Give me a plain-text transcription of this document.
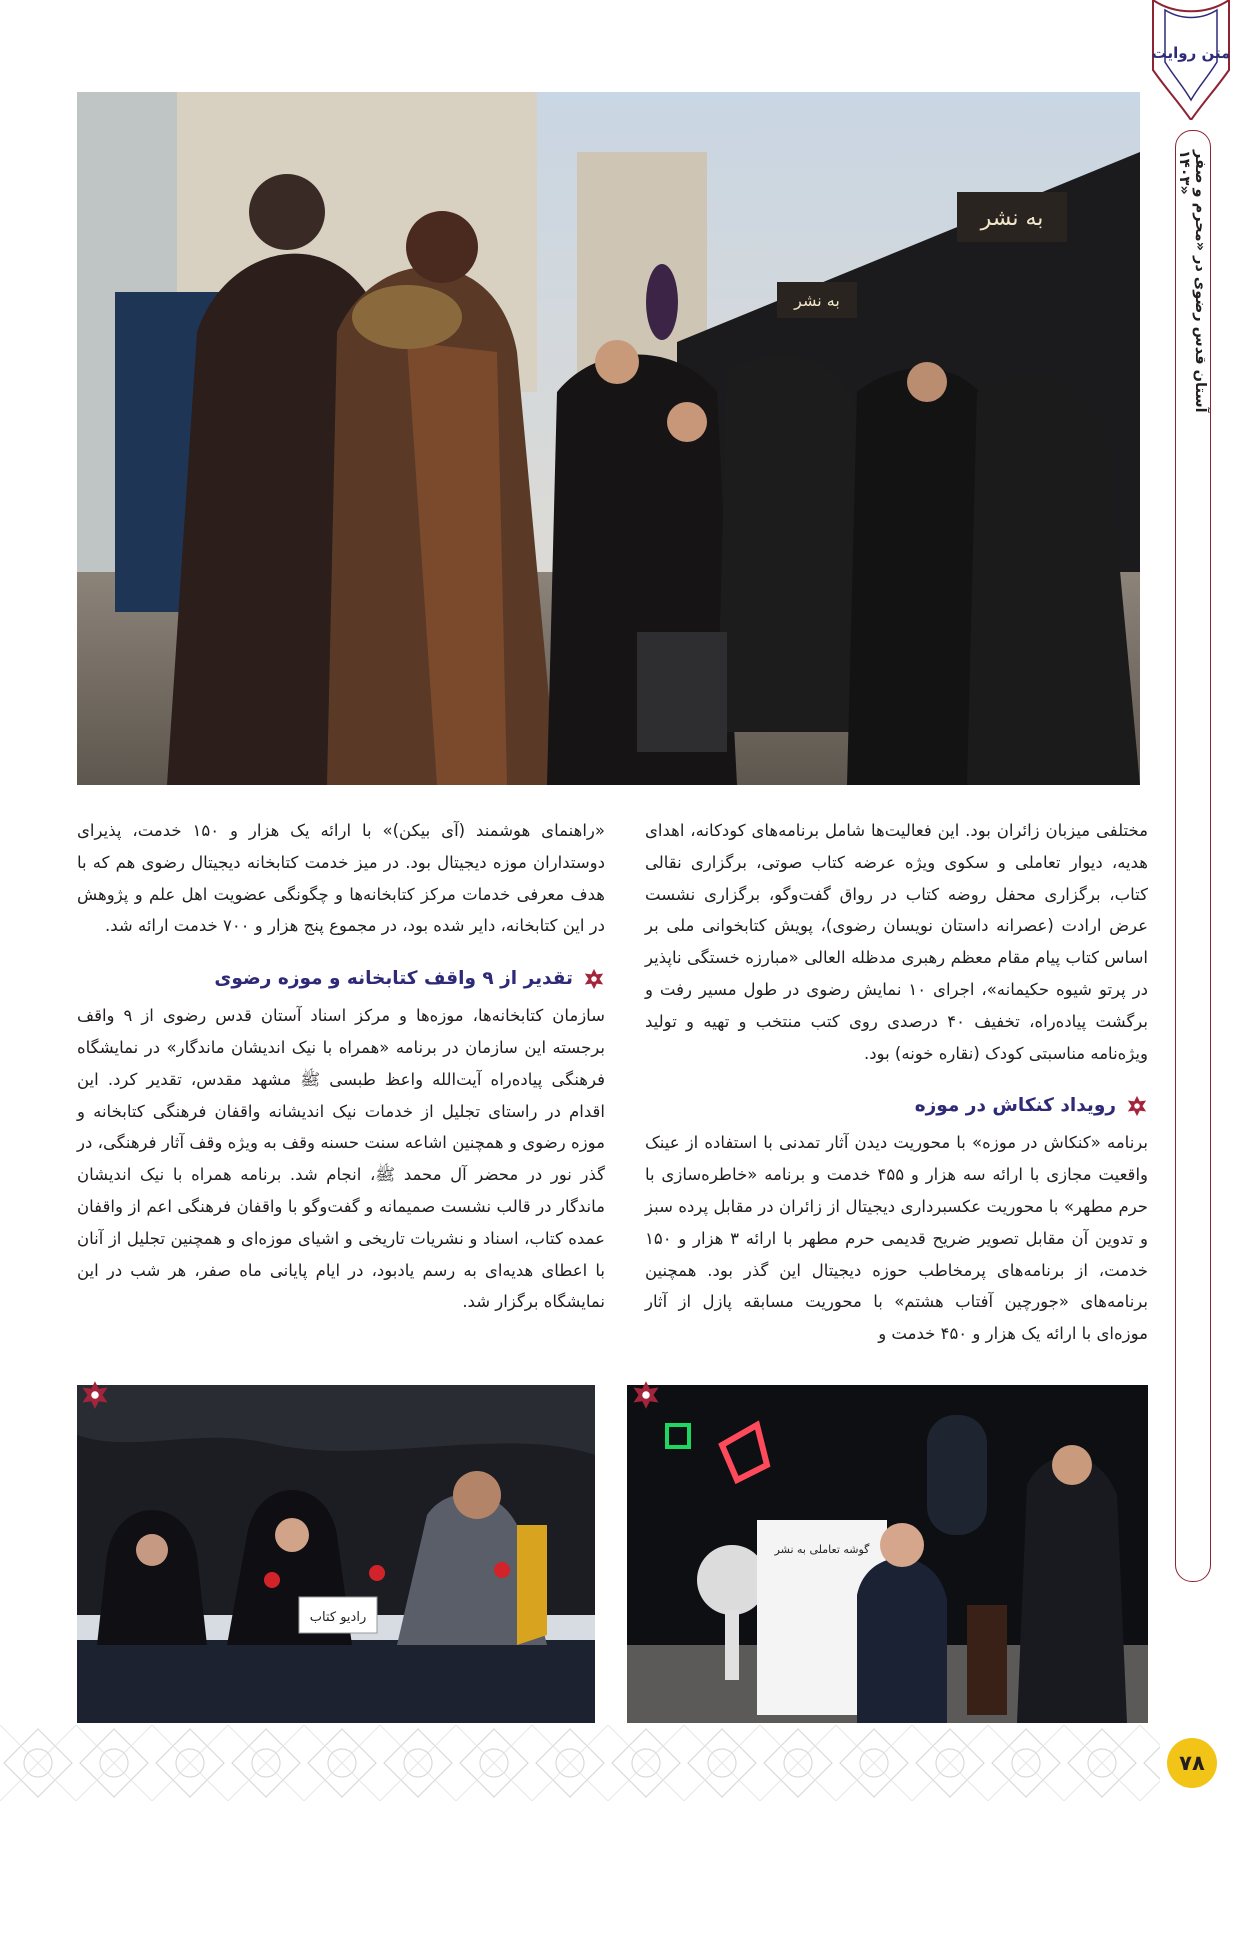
به نشر
به نشر

مختلفی میزبان زائران بود. این فعالیت‌ها شامل برنامه‌های کودکانه، اهدای هدیه، دیوار تعاملی و سکوی ویژه عرضه کتاب صوتی، برگزاری نقالی کتاب، برگزاری محفل روضه کتاب در رواق گفت‌وگو، برگزاری نشست عرض ارادت (عصرانه داستان نویسان رضوی)، پویش کتابخوانی ملی بر اساس کتاب پیام مقام معظم رهبری مدظله العالی «مبارزه خستگی ناپذیر در پرتو شیوه حکیمانه»، اجرای ۱۰ نمایش رضوی در طول مسیر رفت و برگشت پیاده‌راه، تخفیف ۴۰ درصدی روی کتب منتخب و تهیه و تولید ویژه‌نامه مناسبتی کودک (نقاره خونه) بود.

رویداد کنکاش در موزه

برنامه «کنکاش در موزه» با محوریت دیدن آثار تمدنی با استفاده از عینک واقعیت مجازی با ارائه سه هزار و ۴۵۵ خدمت و برنامه «خاطره‌سازی با حرم مطهر» با محوریت عکسبرداری دیجیتال از زائران در مقابل پرده سبز و تدوین آن مقابل تصویر ضریح قدیمی حرم مطهر با ارائه ۳ هزار و ۱۵۰ خدمت، از برنامه‌های پرمخاطب حوزه دیجیتال این گذر بود. همچنین برنامه‌های «جورچین آفتاب هشتم» با محوریت مسابقه پازل از آثار موزه‌ای با ارائه یک هزار و ۴۵۰ خدمت و

«راهنمای هوشمند (آی بیکن)» با ارائه یک هزار و ۱۵۰ خدمت، پذیرای دوستداران موزه دیجیتال بود. در میز خدمت کتابخانه دیجیتال رضوی هم که با هدف معرفی خدمات مرکز کتابخانه‌ها و چگونگی عضویت اهل علم و پژوهش در این کتابخانه، دایر شده بود، در مجموع پنج هزار و ۷۰۰ خدمت ارائه شد.

تقدیر از ۹ واقف کتابخانه و موزه رضوی

سازمان کتابخانه‌ها، موزه‌ها و مرکز اسناد آستان قدس رضوی از ۹ واقف برجسته این سازمان در برنامه «همراه با نیک اندیشان ماندگار» در نمایشگاه فرهنگی پیاده‌راه آیت‌الله واعظ طبسی ﷺ مشهد مقدس، تقدیر کرد. این اقدام در راستای تجلیل از خدمات نیک اندیشانه واقفان فرهنگی کتابخانه و موزه رضوی و همچنین اشاعه سنت حسنه وقف به ویژه وقف آثار فرهنگی، در گذر نور در محضر آل محمد ﷺ، انجام شد. برنامه همراه با نیک اندیشان ماندگار در قالب نشست صمیمانه و گفت‌وگو با واقفان فرهنگی اعم از واقفان عمده کتاب، اسناد و نشریات تاریخی و اشیای موزه‌ای و همچنین تجلیل از آنان با اعطای هدیه‌ای به رسم یادبود، در ایام پایانی ماه صفر، هر شب در این نمایشگاه برگزار شد.

رادیو کتاب
گوشه تعاملی به نشر
آستان قدس رضوی در «محرم و صفر ۱۴۰۳»
متن روایت
۷۸
